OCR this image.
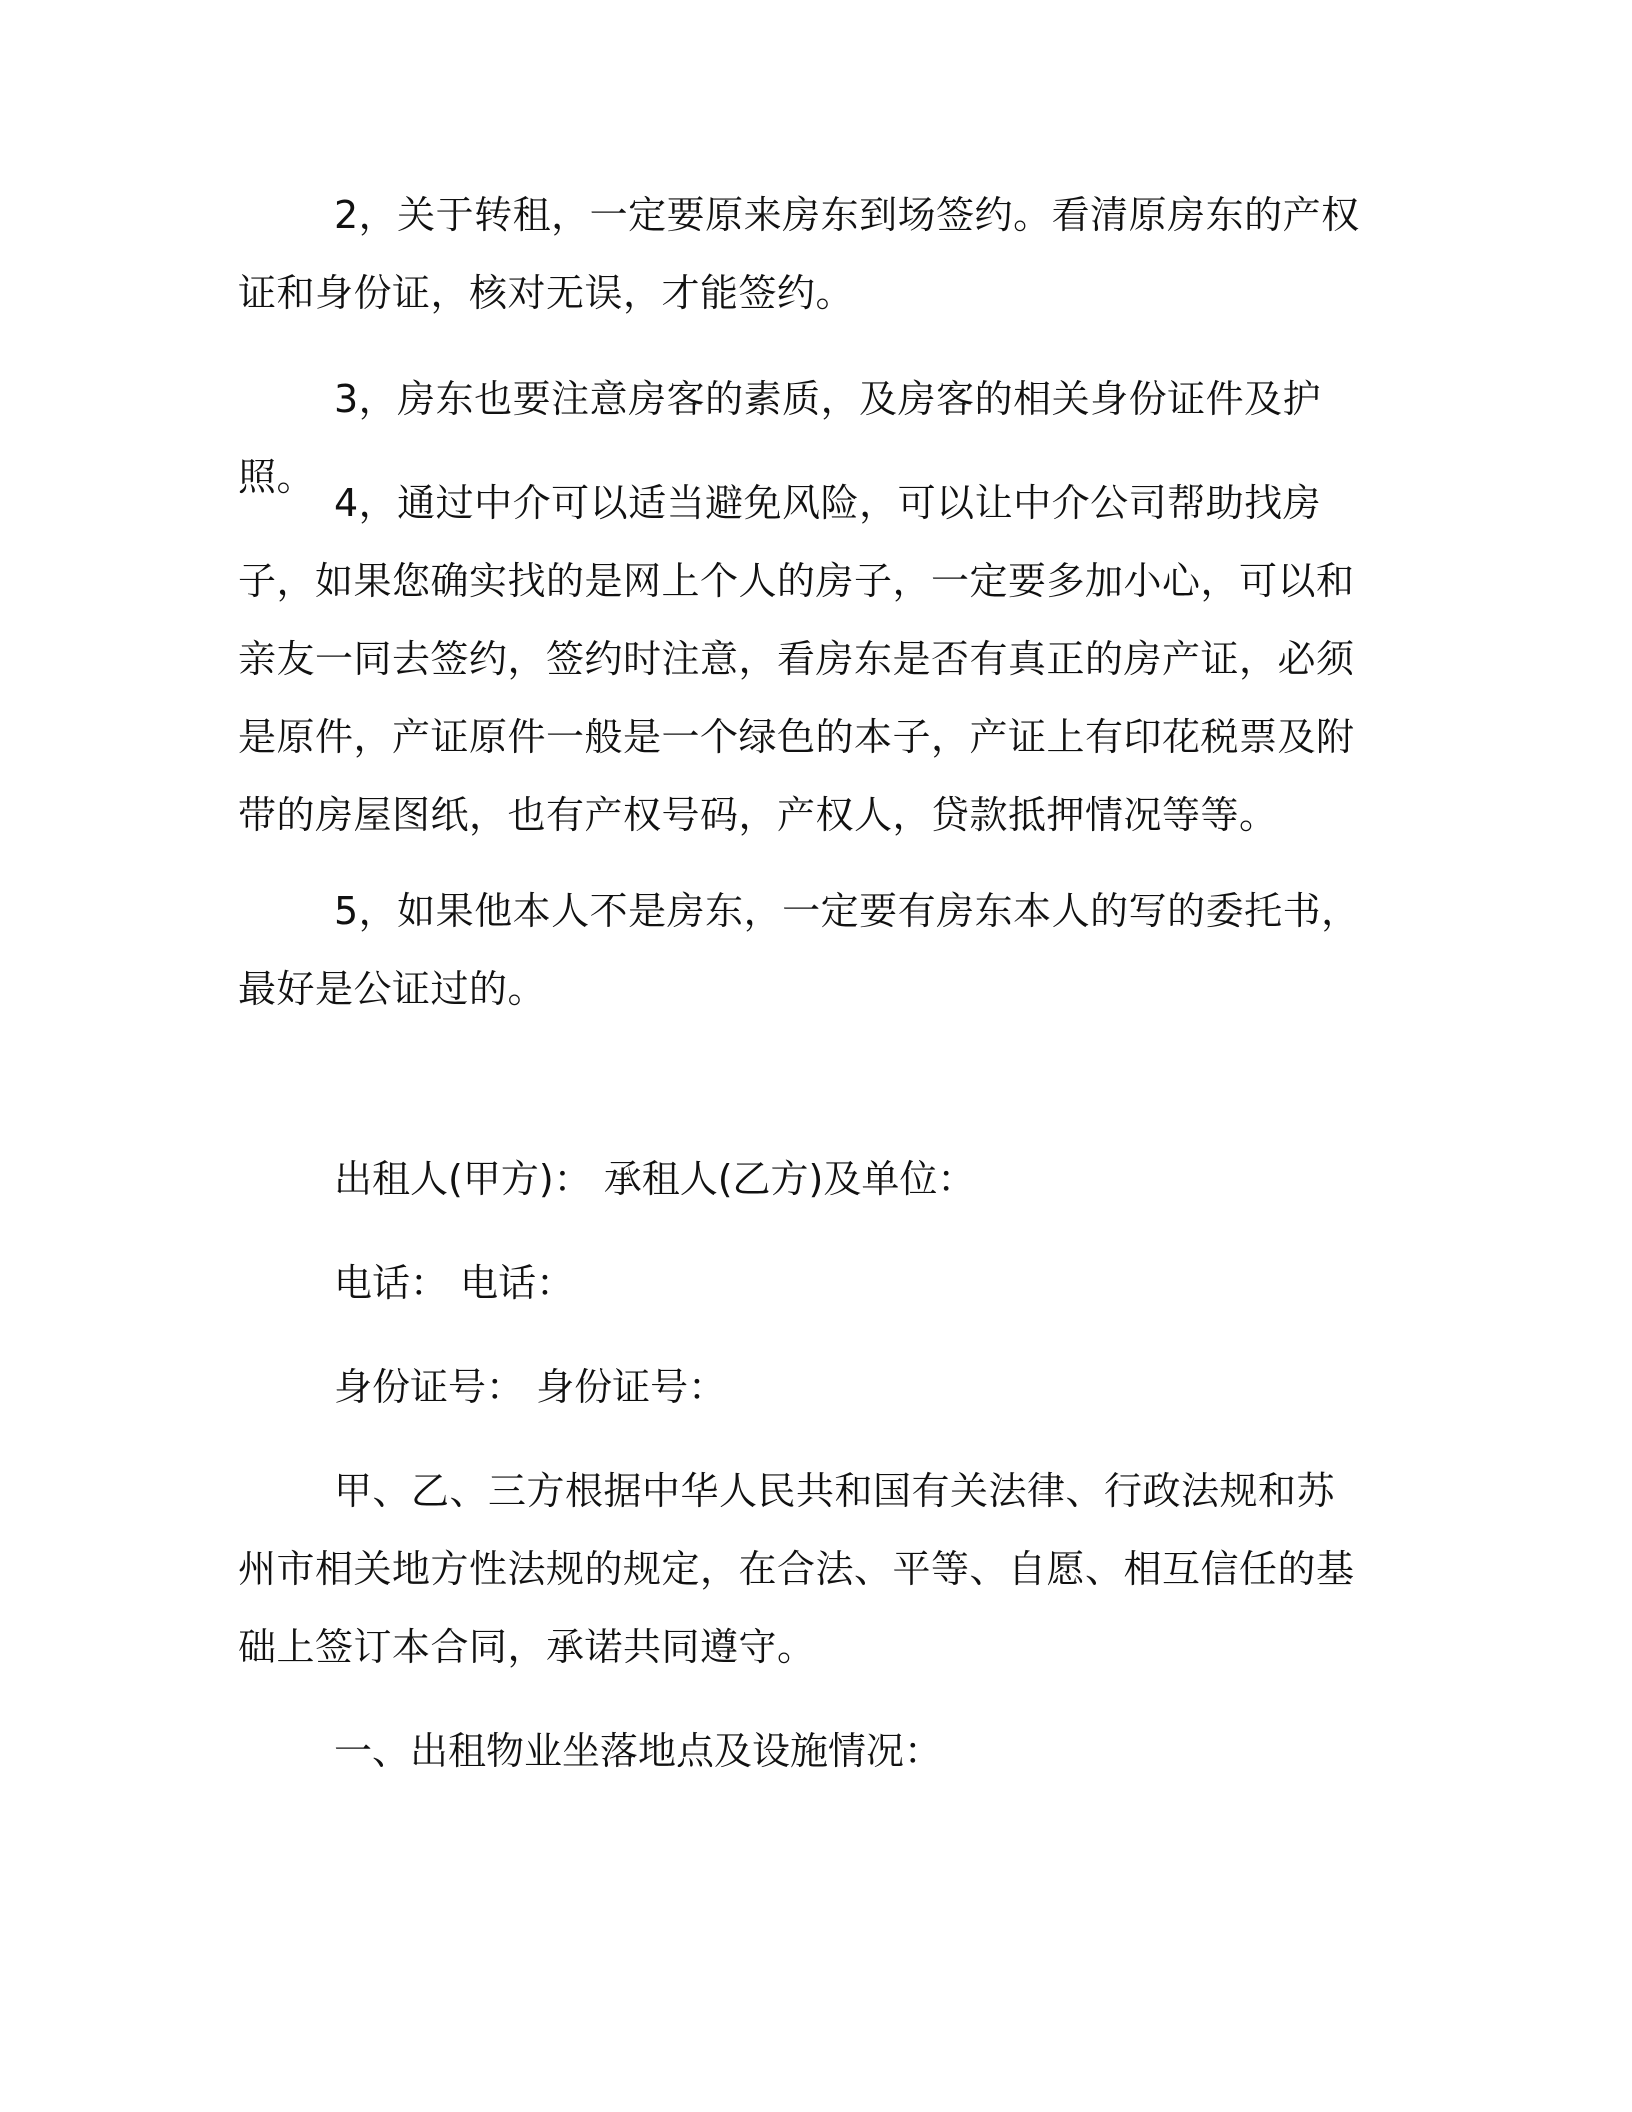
2，关于转租，一定要原来房东到场签约。看清原房东的产权证和身份证，核对无误，才能签约。

3，房东也要注意房客的素质，及房客的相关身份证件及护照。

4，通过中介可以适当避免风险，可以让中介公司帮助找房子，如果您确实找的是网上个人的房子，一定要多加小心，可以和亲友一同去签约，签约时注意，看房东是否有真正的房产证，必须是原件，产证原件一般是一个绿色的本子，产证上有印花税票及附带的房屋图纸，也有产权号码，产权人，贷款抵押情况等等。

5，如果他本人不是房东，一定要有房东本人的写的委托书，最好是公证过的。

出租人(甲方)： 承租人(乙方)及单位：

电话： 电话：

身份证号： 身份证号：

甲、乙、三方根据中华人民共和国有关法律、行政法规和苏州市相关地方性法规的规定，在合法、平等、自愿、相互信任的基础上签订本合同，承诺共同遵守。

一、出租物业坐落地点及设施情况：
